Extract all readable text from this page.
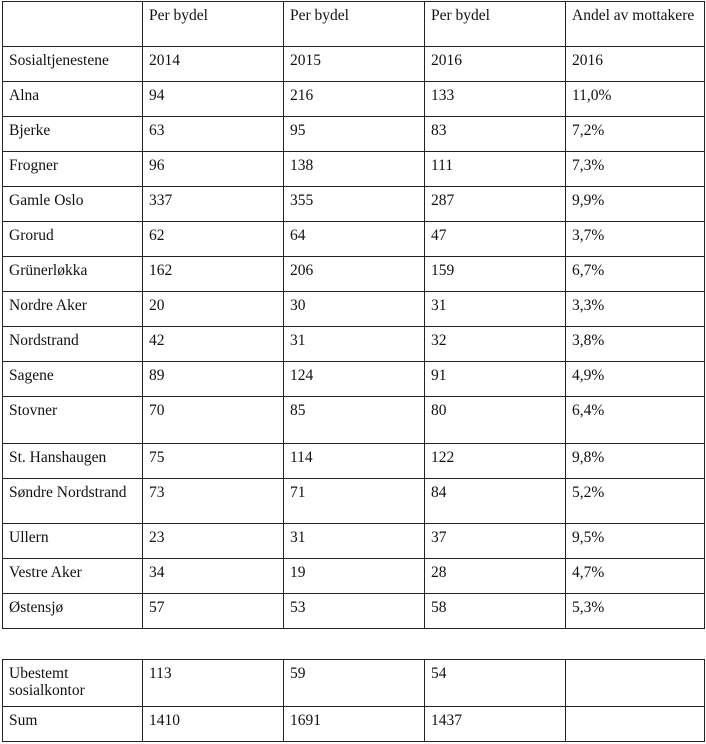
	Per bydel	Per bydel	Per bydel	Andel av mottakere
Sosialtjenestene	2014	2015	2016	2016
Alna	94	216	133	11,0%
Bjerke	63	95	83	7,2%
Frogner	96	138	111	7,3%
Gamle Oslo	337	355	287	9,9%
Grorud	62	64	47	3,7%
Grünerløkka	162	206	159	6,7%
Nordre Aker	20	30	31	3,3%
Nordstrand	42	31	32	3,8%
Sagene	89	124	91	4,9%
Stovner	70	85	80	6,4%
St. Hanshaugen	75	114	122	9,8%
Søndre Nordstrand	73	71	84	5,2%
Ullern	23	31	37	9,5%
Vestre Aker	34	19	28	4,7%
Østensjø	57	53	58	5,3%
Ubestemt sosialkontor	113	59	54	
Sum	1410	1691	1437	
